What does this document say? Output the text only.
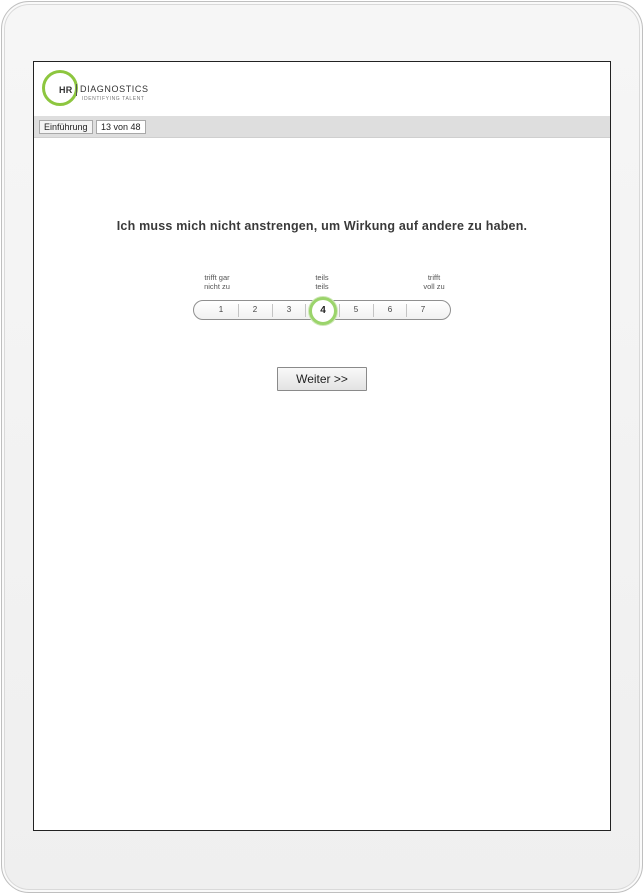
HR DIAGNOSTICS
IDENTIFYING TALENT
Einführung	13 von 48
Ich muss mich nicht anstrengen, um Wirkung auf andere zu haben.
trifft gar
nicht zu
teils
teils
trifft
voll zu
1	2	3	5	6	7
4
Weiter >>
